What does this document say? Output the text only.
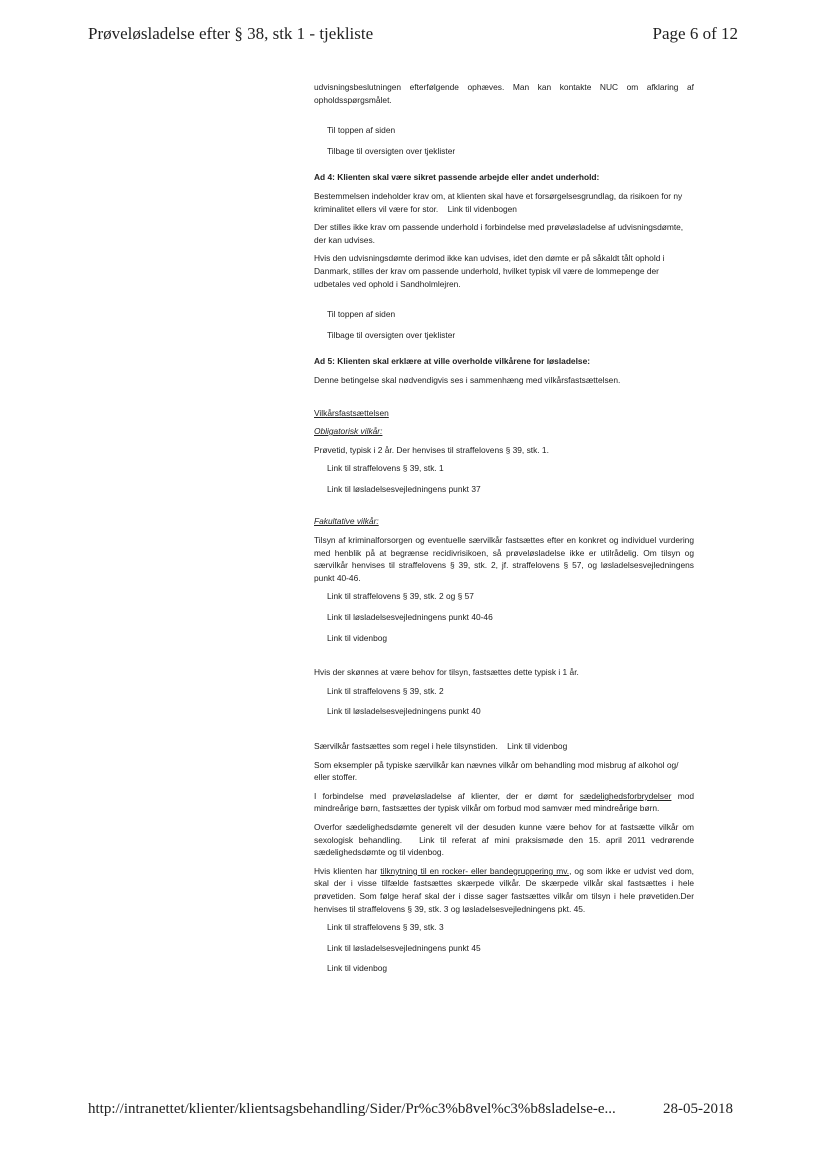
Prøveløsladelse efter § 38, stk 1 - tjekliste	Page 6 of 12

udvisningsbeslutningen efterfølgende ophæves. Man kan kontakte NUC om afklaring af opholdsspørgsmålet.

Til toppen af siden
Tilbage til oversigten over tjeklister

Ad 4: Klienten skal være sikret passende arbejde eller andet underhold:

Bestemmelsen indeholder krav om, at klienten skal have et forsørgelsesgrundlag, da risikoen for ny kriminalitet ellers vil være for stor. Link til videnbogen

Der stilles ikke krav om passende underhold i forbindelse med prøveløsladelse af udvisningsdømte, der kan udvises.

Hvis den udvisningsdømte derimod ikke kan udvises, idet den dømte er på såkaldt tålt ophold i Danmark, stilles der krav om passende underhold, hvilket typisk vil være de lommepenge der udbetales ved ophold i Sandholmlejren.

Til toppen af siden
Tilbage til oversigten over tjeklister

Ad 5: Klienten skal erklære at ville overholde vilkårene for løsladelse:

Denne betingelse skal nødvendigvis ses i sammenhæng med vilkårsfastsættelsen.

Vilkårsfastsættelsen

Obligatorisk vilkår:

Prøvetid, typisk i 2 år. Der henvises til straffelovens § 39, stk. 1.

Link til straffelovens § 39, stk. 1
Link til løsladelsesvejledningens punkt 37

Fakultative vilkår:

Tilsyn af kriminalforsorgen og eventuelle særvilkår fastsættes efter en konkret og individuel vurdering med henblik på at begrænse recidivrisikoen, så prøveløsladelse ikke er utilrådelig. Om tilsyn og særvilkår henvises til straffelovens § 39, stk. 2, jf. straffelovens § 57, og løsladelsesvejledningens punkt 40-46.

Link til straffelovens § 39, stk. 2 og § 57
Link til løsladelsesvejledningens punkt 40-46
Link til videnbog

Hvis der skønnes at være behov for tilsyn, fastsættes dette typisk i 1 år.

Link til straffelovens § 39, stk. 2
Link til løsladelsesvejledningens punkt 40

Særvilkår fastsættes som regel i hele tilsynstiden. Link til videnbog

Som eksempler på typiske særvilkår kan nævnes vilkår om behandling mod misbrug af alkohol og/ eller stoffer.

I forbindelse med prøveløsladelse af klienter, der er dømt for sædelighedsforbrydelser mod mindreårige børn, fastsættes der typisk vilkår om forbud mod samvær med mindreårige børn.

Overfor sædelighedsdømte generelt vil der desuden kunne være behov for at fastsætte vilkår om sexologisk behandling. Link til referat af mini praksismøde den 15. april 2011 vedrørende sædelighedsdømte og til videnbog.

Hvis klienten har tilknytning til en rocker- eller bandegruppering mv., og som ikke er udvist ved dom, skal der i visse tilfælde fastsættes skærpede vilkår. De skærpede vilkår skal fastsættes i hele prøvetiden. Som følge heraf skal der i disse sager fastsættes vilkår om tilsyn i hele prøvetiden.Der henvises til straffelovens § 39, stk. 3 og løsladelsesvejledningens pkt. 45.

Link til straffelovens § 39, stk. 3
Link til løsladelsesvejledningens punkt 45
Link til videnbog
http://intranettet/klienter/klientsagsbehandling/Sider/Pr%c3%b8vel%c3%b8sladelse-e...	28-05-2018
